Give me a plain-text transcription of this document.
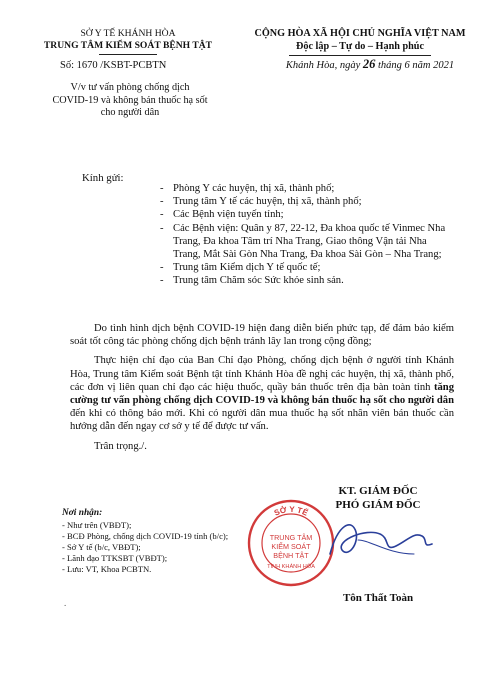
SỞ Y TẾ KHÁNH HÒA
TRUNG TÂM KIỂM SOÁT BỆNH TẬT
Số: 1670 /KSBT-PCBTN
V/v tư vấn phòng chống dịch
COVID-19 và không bán thuốc hạ sốt
cho người dân
CỘNG HÒA XÃ HỘI CHỦ NGHĨA VIỆT NAM
Độc lập – Tự do – Hạnh phúc
Khánh Hòa, ngày 26 tháng 6 năm 2021
Kính gửi:
- Phòng Y các huyện, thị xã, thành phố;
- Trung tâm Y tế các huyện, thị xã, thành phố;
- Các Bệnh viện tuyến tỉnh;
- Các Bệnh viện: Quân y 87, 22-12, Đa khoa quốc tế Vinmec Nha Trang, Đa khoa Tâm trí Nha Trang, Giao thông Vận tải Nha Trang, Mắt Sài Gòn Nha Trang, Đa khoa Sài Gòn – Nha Trang;
- Trung tâm Kiểm dịch Y tế quốc tế;
- Trung tâm Chăm sóc Sức khỏe sinh sản.

Do tình hình dịch bệnh COVID-19 hiện đang diễn biến phức tạp, để đảm bảo kiểm soát tốt công tác phòng chống dịch bệnh tránh lây lan trong cộng đồng;

Thực hiện chỉ đạo của Ban Chỉ đạo Phòng, chống dịch bệnh ở người tỉnh Khánh Hòa, Trung tâm Kiểm soát Bệnh tật tỉnh Khánh Hòa đề nghị các huyện, thị xã, thành phố, các đơn vị liên quan chỉ đạo các hiệu thuốc, quầy bán thuốc trên địa bàn toàn tỉnh tăng cường tư vấn phòng chống dịch COVID-19 và không bán thuốc hạ sốt cho người dân đến khi có thông báo mới. Khi có người dân mua thuốc hạ sốt nhân viên bán thuốc cần hướng dẫn đến ngay cơ sở y tế để được tư vấn.

Trân trọng./.

Nơi nhận:
- Như trên (VBĐT);
- BCĐ Phòng, chống dịch COVID-19 tỉnh (b/c);
- Sở Y tế (b/c, VBĐT);
- Lãnh đạo TTKSBT (VBĐT);
- Lưu: VT, Khoa PCBTN.
KT. GIÁM ĐỐC
PHÓ GIÁM ĐỐC
SỞ Y TẾ
TRUNG TÂM
KIỂM SOÁT
BỆNH TẬT
TỈNH KHÁNH HÒA
Tôn Thất Toàn
.
